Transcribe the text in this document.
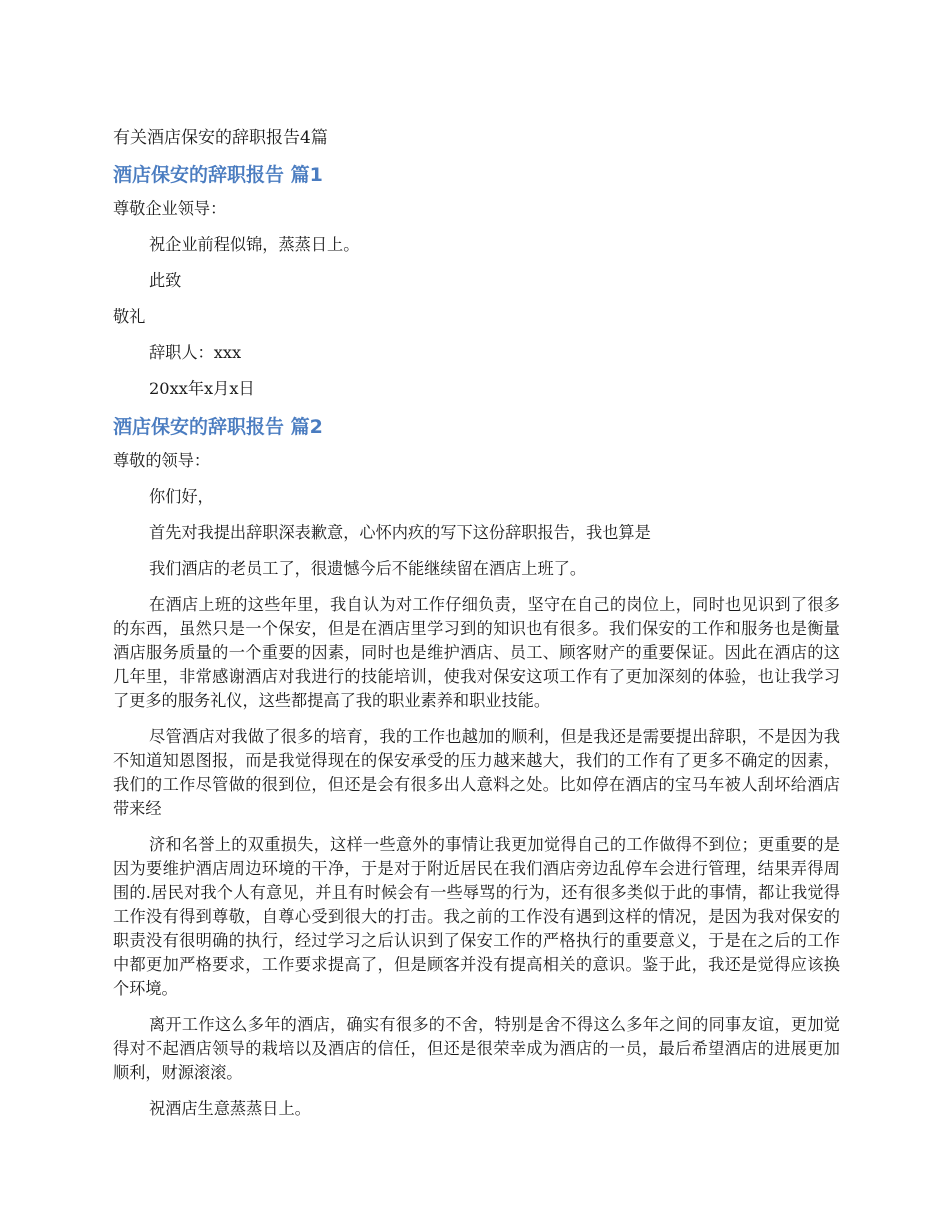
有关酒店保安的辞职报告4篇
酒店保安的辞职报告 篇1

尊敬企业领导：

祝企业前程似锦，蒸蒸日上。

此致

敬礼

辞职人：xxx

20xx年x月x日

酒店保安的辞职报告 篇2

尊敬的领导：

你们好，

首先对我提出辞职深表歉意，心怀内疚的写下这份辞职报告，我也算是

我们酒店的老员工了，很遗憾今后不能继续留在酒店上班了。

在酒店上班的这些年里，我自认为对工作仔细负责，坚守在自己的岗位上，同时也见识到了很多的东西，虽然只是一个保安，但是在酒店里学习到的知识也有很多。我们保安的工作和服务也是衡量酒店服务质量的一个重要的因素，同时也是维护酒店、员工、顾客财产的重要保证。因此在酒店的这几年里，非常感谢酒店对我进行的技能培训，使我对保安这项工作有了更加深刻的体验，也让我学习了更多的服务礼仪，这些都提高了我的职业素养和职业技能。

尽管酒店对我做了很多的培育，我的工作也越加的顺利，但是我还是需要提出辞职，不是因为我不知道知恩图报，而是我觉得现在的保安承受的压力越来越大，我们的工作有了更多不确定的因素，我们的工作尽管做的很到位，但还是会有很多出人意料之处。比如停在酒店的宝马车被人刮坏给酒店带来经

济和名誉上的双重损失，这样一些意外的事情让我更加觉得自己的工作做得不到位；更重要的是因为要维护酒店周边环境的干净，于是对于附近居民在我们酒店旁边乱停车会进行管理，结果弄得周围的.居民对我个人有意见，并且有时候会有一些辱骂的行为，还有很多类似于此的事情，都让我觉得工作没有得到尊敬，自尊心受到很大的打击。我之前的工作没有遇到这样的情况，是因为我对保安的职责没有很明确的执行，经过学习之后认识到了保安工作的严格执行的重要意义，于是在之后的工作中都更加严格要求，工作要求提高了，但是顾客并没有提高相关的意识。鉴于此，我还是觉得应该换个环境。

离开工作这么多年的酒店，确实有很多的不舍，特别是舍不得这么多年之间的同事友谊，更加觉得对不起酒店领导的栽培以及酒店的信任，但还是很荣幸成为酒店的一员，最后希望酒店的进展更加顺利，财源滚滚。

祝酒店生意蒸蒸日上。
